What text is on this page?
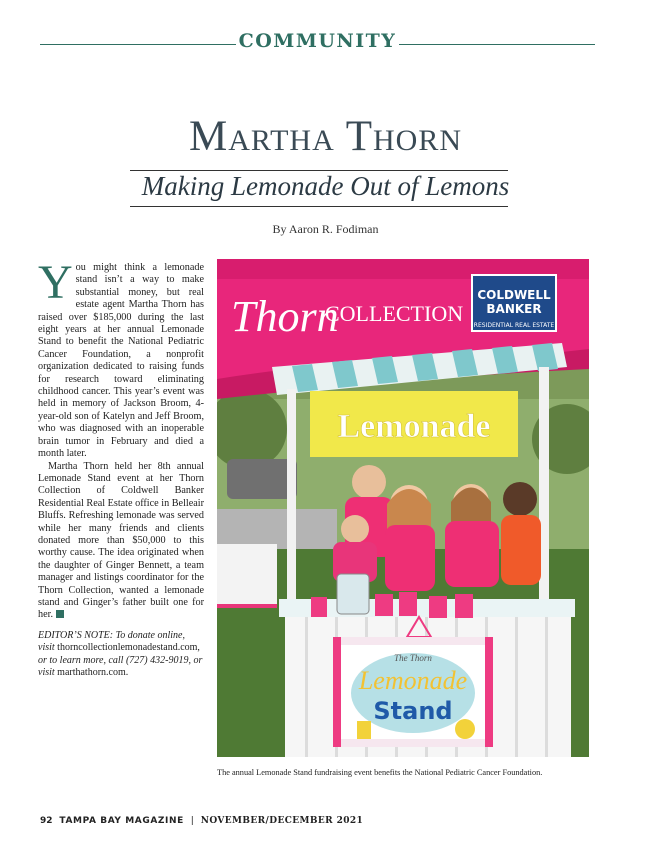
COMMUNITY
Martha Thorn
Making Lemonade Out of Lemons
By Aaron R. Fodiman

You might think a lemonade stand isn’t a way to make substantial money, but real estate agent Martha Thorn has raised over $185,000 during the last eight years at her annual Lemonade Stand to benefit the National Pediatric Cancer Foundation, a nonprofit organization dedicated to raising funds for research toward eliminating childhood cancer. This year’s event was held in memory of Jackson Broom, 4-year-old son of Katelyn and Jeff Broom, who was diagnosed with an inoperable brain tumor in February and died a month later.

Martha Thorn held her 8th annual Lemonade Stand event at her Thorn Collection of Coldwell Banker Residential Real Estate office in Belleair Bluffs. Refreshing lemonade was served while her many friends and clients donated more than $50,000 to this worthy cause. The idea originated when the daughter of Ginger Bennett, a team manager and listings coordinator for the Thorn Collection, wanted a lemonade stand and Ginger’s father built one for her.

EDITOR’S NOTE: To donate online, visit thorncollectionlemonadestand.com, or to learn more, call (727) 432-9019, or visit marthathorn.com.
Thorn
COLLECTION
COLDWELL
BANKER
RESIDENTIAL REAL ESTATE
Lemonade
The Thorn
Lemonade
Stand
The annual Lemonade Stand fundraising event benefits the National Pediatric Cancer Foundation.
92 TAMPA BAY MAGAZINE | NOVEMBER/DECEMBER 2021
